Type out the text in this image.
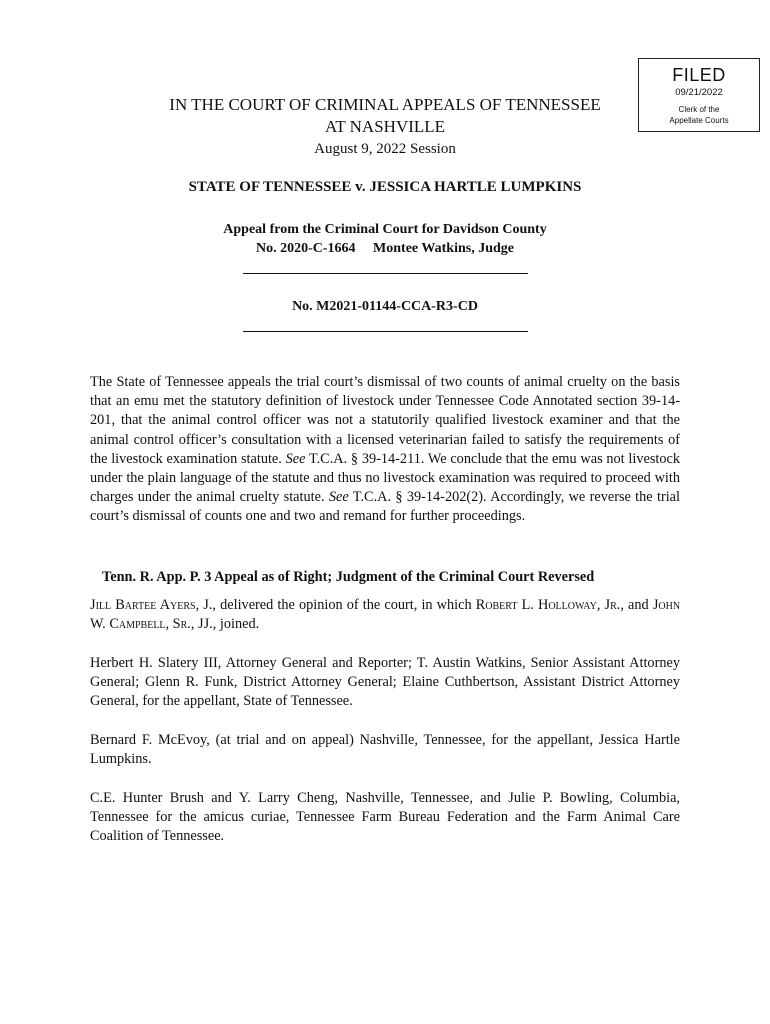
FILED
09/21/2022
Clerk of the
Appellate Courts
IN THE COURT OF CRIMINAL APPEALS OF TENNESSEE
AT NASHVILLE
August 9, 2022 Session
STATE OF TENNESSEE v. JESSICA HARTLE LUMPKINS
Appeal from the Criminal Court for Davidson County
No. 2020-C-1664     Montee Watkins, Judge
No. M2021-01144-CCA-R3-CD
The State of Tennessee appeals the trial court’s dismissal of two counts of animal cruelty on the basis that an emu met the statutory definition of livestock under Tennessee Code Annotated section 39-14-201, that the animal control officer was not a statutorily qualified livestock examiner and that the animal control officer’s consultation with a licensed veterinarian failed to satisfy the requirements of the livestock examination statute. See T.C.A. § 39-14-211. We conclude that the emu was not livestock under the plain language of the statute and thus no livestock examination was required to proceed with charges under the animal cruelty statute. See T.C.A. § 39-14-202(2). Accordingly, we reverse the trial court’s dismissal of counts one and two and remand for further proceedings.
Tenn. R. App. P. 3 Appeal as of Right; Judgment of the Criminal Court Reversed
Jill Bartee Ayers, J., delivered the opinion of the court, in which Robert L. Holloway, Jr., and John W. Campbell, Sr., JJ., joined.
Herbert H. Slatery III, Attorney General and Reporter; T. Austin Watkins, Senior Assistant Attorney General; Glenn R. Funk, District Attorney General; Elaine Cuthbertson, Assistant District Attorney General, for the appellant, State of Tennessee.
Bernard F. McEvoy, (at trial and on appeal) Nashville, Tennessee, for the appellant, Jessica Hartle Lumpkins.
C.E. Hunter Brush and Y. Larry Cheng, Nashville, Tennessee, and Julie P. Bowling, Columbia, Tennessee for the amicus curiae, Tennessee Farm Bureau Federation and the Farm Animal Care Coalition of Tennessee.
